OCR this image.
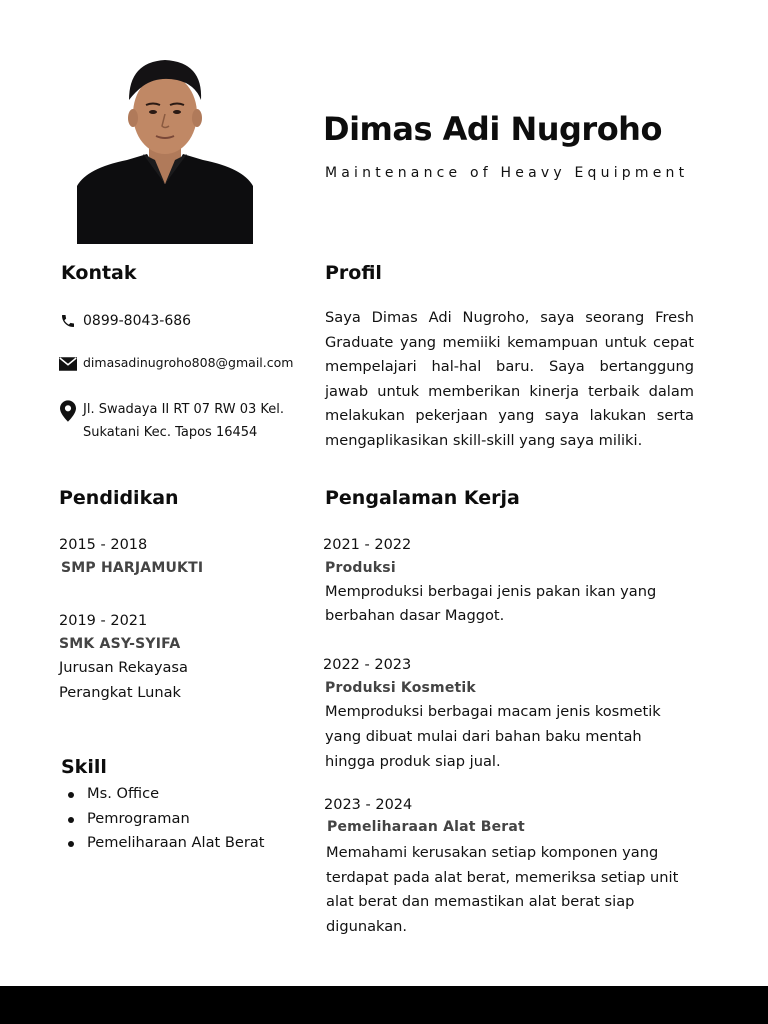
Dimas Adi Nugroho
Maintenance of Heavy Equipment
Kontak
0899-8043-686
dimasadinugroho808@gmail.com
Jl. Swadaya II RT 07 RW 03 Kel.
Sukatani Kec. Tapos 16454
Profil
Saya Dimas Adi Nugroho, saya seorang Fresh Graduate yang memiiki kemampuan untuk cepat mempelajari hal-hal baru. Saya bertanggung jawab untuk memberikan kinerja terbaik dalam melakukan pekerjaan yang saya lakukan serta mengaplikasikan skill-skill yang saya miliki.
Pendidikan
2015 - 2018
SMP HARJAMUKTI
2019 - 2021
SMK ASY-SYIFA
Jurusan Rekayasa
Perangkat Lunak
Skill
Ms. Office
Pemrograman
Pemeliharaan Alat Berat
Pengalaman Kerja
2021 - 2022
Produksi
Memproduksi berbagai jenis pakan ikan yang
berbahan dasar Maggot.
2022 - 2023
Produksi Kosmetik
Memproduksi berbagai macam jenis kosmetik
yang dibuat mulai dari bahan baku mentah
hingga produk siap jual.
2023 - 2024
Pemeliharaan Alat Berat
Memahami kerusakan setiap komponen yang
terdapat pada alat berat, memeriksa setiap unit
alat berat dan memastikan alat berat siap
digunakan.
